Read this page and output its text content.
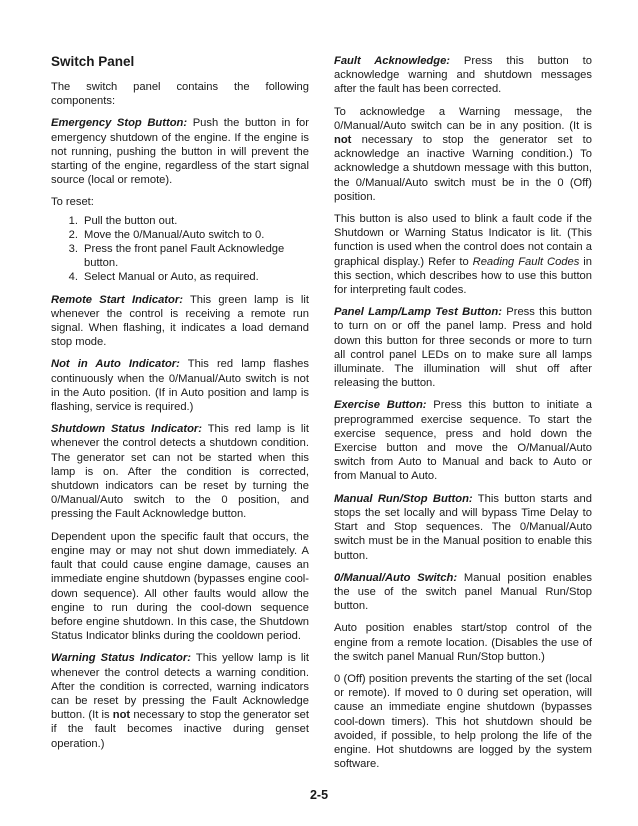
Switch Panel

The switch panel contains the following components:

Emergency Stop Button: Push the button in for emergency shutdown of the engine. If the engine is not running, pushing the button in will prevent the starting of the engine, regardless of the start signal source (local or remote).

To reset:

1. Pull the button out.
2. Move the 0/Manual/Auto switch to 0.
3. Press the front panel Fault Acknowledge button.
4. Select Manual or Auto, as required.

Remote Start Indicator: This green lamp is lit whenever the control is receiving a remote run signal. When flashing, it indicates a load demand stop mode.

Not in Auto Indicator: This red lamp flashes continuously when the 0/Manual/Auto switch is not in the Auto position. (If in Auto position and lamp is flashing, service is required.)

Shutdown Status Indicator: This red lamp is lit whenever the control detects a shutdown condition. The generator set can not be started when this lamp is on. After the condition is corrected, shutdown indicators can be reset by turning the 0/Manual/Auto switch to the 0 position, and pressing the Fault Acknowledge button.

Dependent upon the specific fault that occurs, the engine may or may not shut down immediately. A fault that could cause engine damage, causes an immediate engine shutdown (bypasses engine cool-down sequence). All other faults would allow the engine to run during the cool-down sequence before engine shutdown. In this case, the Shutdown Status Indicator blinks during the cooldown period.

Warning Status Indicator: This yellow lamp is lit whenever the control detects a warning condition. After the condition is corrected, warning indicators can be reset by pressing the Fault Acknowledge button. (It is not necessary to stop the generator set if the fault becomes inactive during genset operation.)

Fault Acknowledge: Press this button to acknowledge warning and shutdown messages after the fault has been corrected.

To acknowledge a Warning message, the 0/Manual/Auto switch can be in any position. (It is not necessary to stop the generator set to acknowledge an inactive Warning condition.) To acknowledge a shutdown message with this button, the 0/Manual/Auto switch must be in the 0 (Off) position.

This button is also used to blink a fault code if the Shutdown or Warning Status Indicator is lit. (This function is used when the control does not contain a graphical display.) Refer to Reading Fault Codes in this section, which describes how to use this button for interpreting fault codes.

Panel Lamp/Lamp Test Button: Press this button to turn on or off the panel lamp. Press and hold down this button for three seconds or more to turn all control panel LEDs on to make sure all lamps illuminate. The illumination will shut off after releasing the button.

Exercise Button: Press this button to initiate a preprogrammed exercise sequence. To start the exercise sequence, press and hold down the Exercise button and move the O/Manual/Auto switch from Auto to Manual and back to Auto or from Manual to Auto.

Manual Run/Stop Button: This button starts and stops the set locally and will bypass Time Delay to Start and Stop sequences. The 0/Manual/Auto switch must be in the Manual position to enable this button.

0/Manual/Auto Switch: Manual position enables the use of the switch panel Manual Run/Stop button.

Auto position enables start/stop control of the engine from a remote location. (Disables the use of the switch panel Manual Run/Stop button.)

0 (Off) position prevents the starting of the set (local or remote). If moved to 0 during set operation, will cause an immediate engine shutdown (bypasses cool-down timers). This hot shutdown should be avoided, if possible, to help prolong the life of the engine. Hot shutdowns are logged by the system software.

2-5
